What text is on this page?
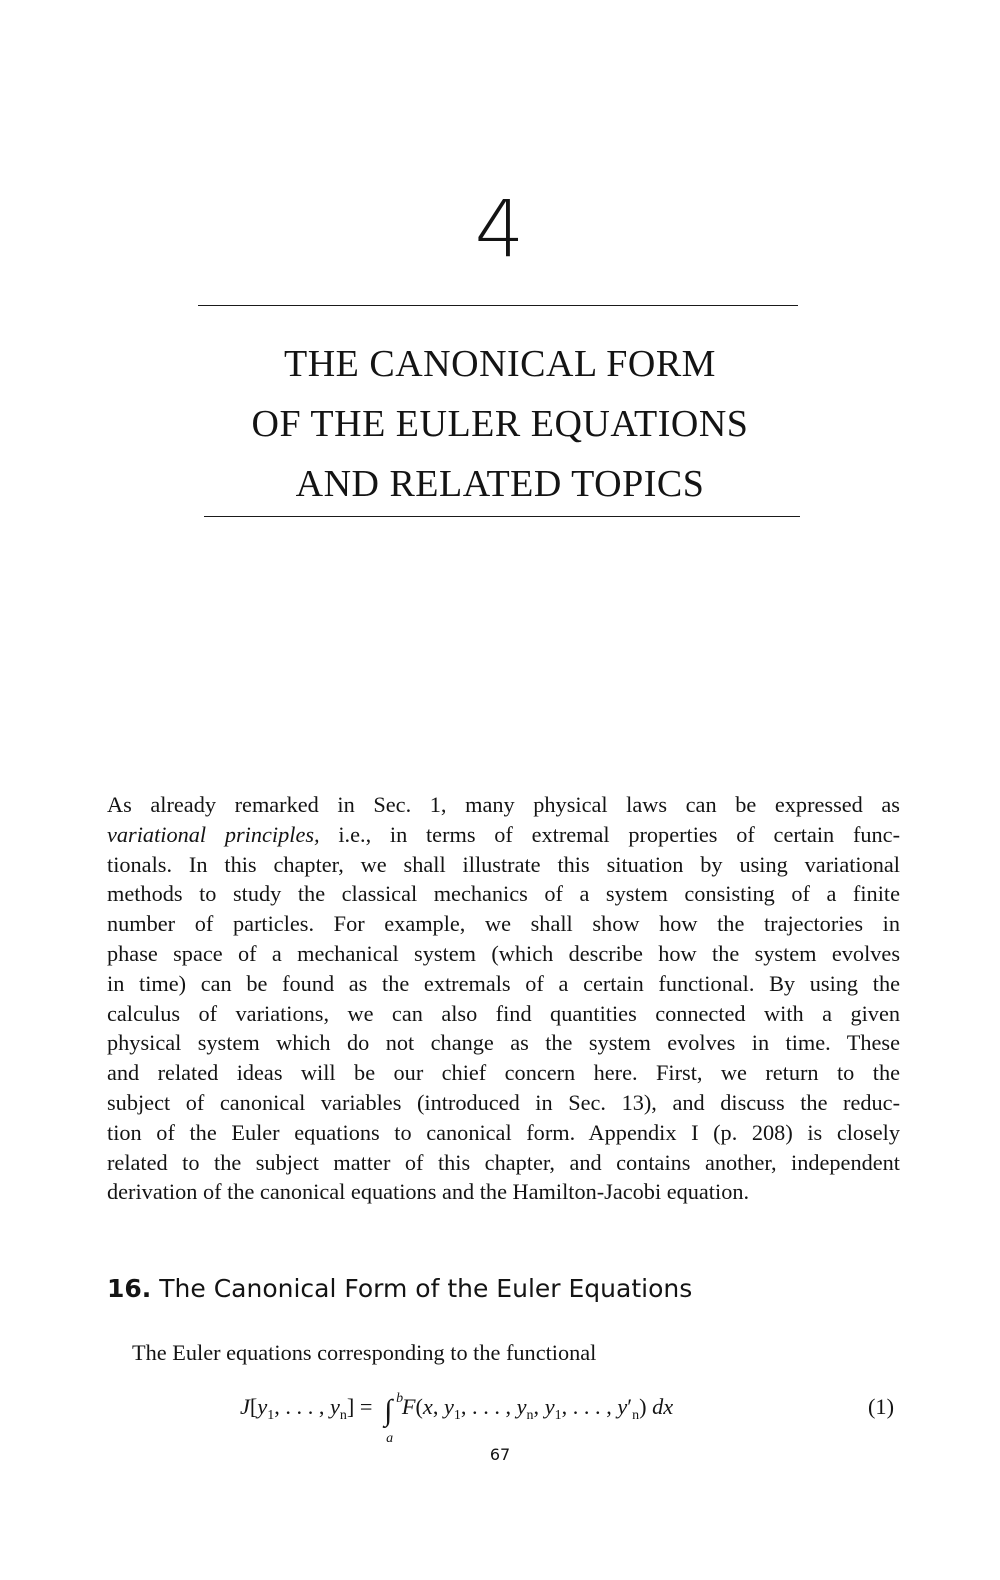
4
THE CANONICAL FORM
OF THE EULER EQUATIONS
AND RELATED TOPICS
As already remarked in Sec. 1, many physical laws can be expressed as
variational principles, i.e., in terms of extremal properties of certain func-
tionals. In this chapter, we shall illustrate this situation by using variational
methods to study the classical mechanics of a system consisting of a finite
number of particles. For example, we shall show how the trajectories in
phase space of a mechanical system (which describe how the system evolves
in time) can be found as the extremals of a certain functional. By using the
calculus of variations, we can also find quantities connected with a given
physical system which do not change as the system evolves in time. These
and related ideas will be our chief concern here. First, we return to the
subject of canonical variables (introduced in Sec. 13), and discuss the reduc-
tion of the Euler equations to canonical form. Appendix I (p. 208) is closely
related to the subject matter of this chapter, and contains another, independent
derivation of the canonical equations and the Hamilton-Jacobi equation.
16. The Canonical Form of the Euler Equations
The Euler equations corresponding to the functional
$J[y_1$, . . . , $y_n$] = ∫ b
a
F(x, $y_1$, . . . , $y_n$, $y_1$, . . . , $y'_n$) dx	(1)
67
